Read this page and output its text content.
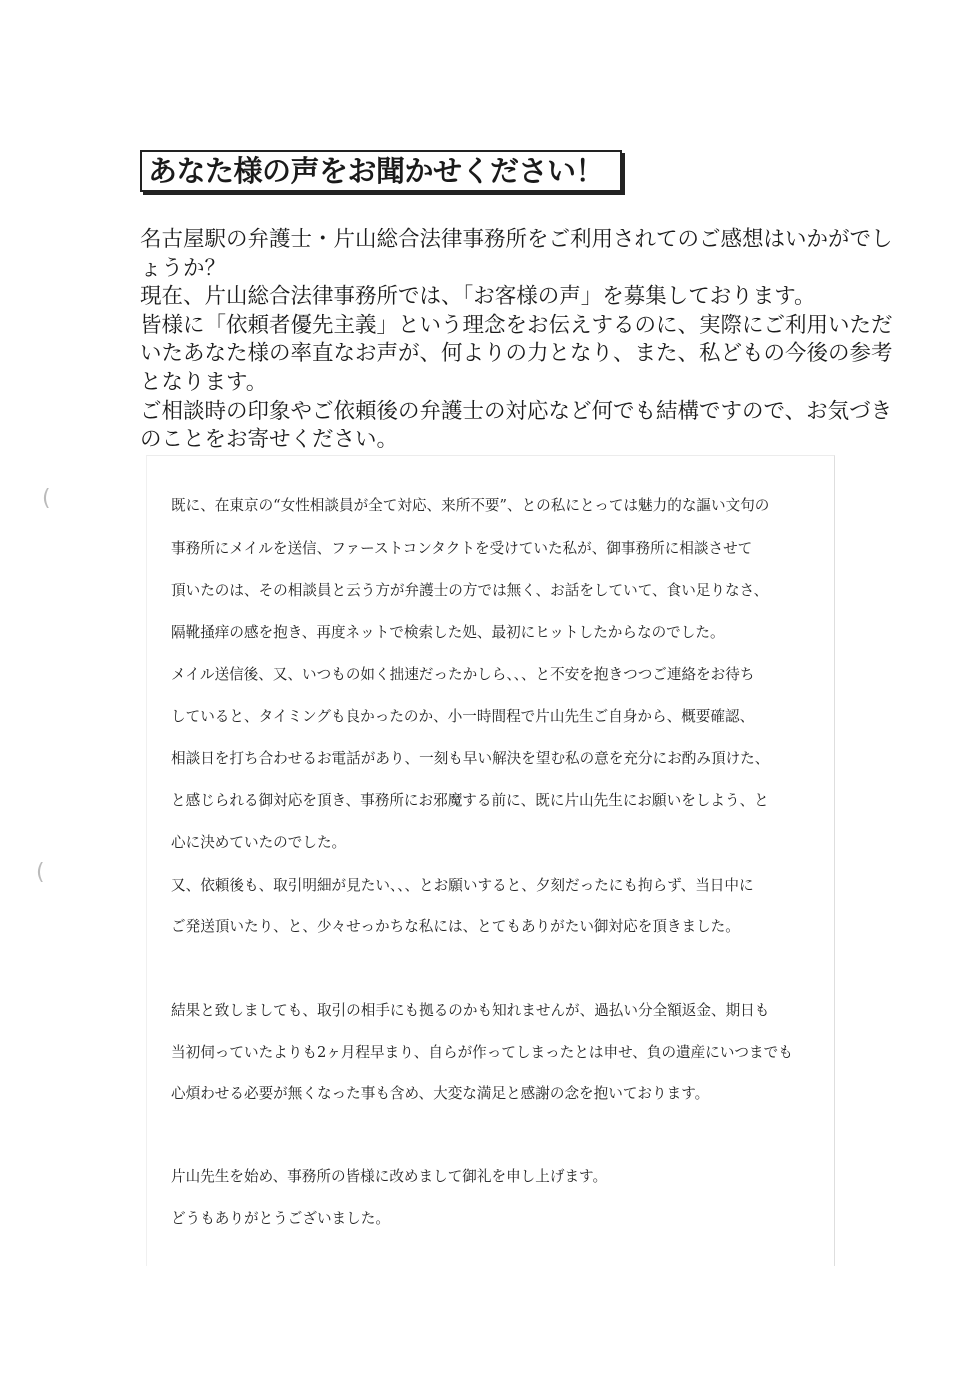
あなた様の声をお聞かせください！
名古屋駅の弁護士・片山総合法律事務所をご利用されてのご感想はいかがでし
ょうか？
現在、片山総合法律事務所では、「お客様の声」を募集しております。
皆様に「依頼者優先主義」という理念をお伝えするのに、実際にご利用いただ
いたあなた様の率直なお声が、何よりの力となり、また、私どもの今後の参考
となります。
ご相談時の印象やご依頼後の弁護士の対応など何でも結構ですので、お気づき
のことをお寄せください。
既に、在東京の“女性相談員が全て対応、来所不要”、との私にとっては魅力的な謳い文句の
事務所にメイルを送信、ファーストコンタクトを受けていた私が、御事務所に相談させて
頂いたのは、その相談員と云う方が弁護士の方では無く、お話をしていて、食い足りなさ、
隔靴掻痒の感を抱き、再度ネットで検索した処、最初にヒットしたからなのでした。
メイル送信後、又、いつもの如く拙速だったかしら、、、と不安を抱きつつご連絡をお待ち
していると、タイミングも良かったのか、小一時間程で片山先生ご自身から、概要確認、
相談日を打ち合わせるお電話があり、一刻も早い解決を望む私の意を充分にお酌み頂けた、
と感じられる御対応を頂き、事務所にお邪魔する前に、既に片山先生にお願いをしよう、と
心に決めていたのでした。
又、依頼後も、取引明細が見たい、、、とお願いすると、夕刻だったにも拘らず、当日中に
ご発送頂いたり、と、少々せっかちな私には、とてもありがたい御対応を頂きました。
結果と致しましても、取引の相手にも拠るのかも知れませんが、過払い分全額返金、期日も
当初伺っていたよりも2ヶ月程早まり、自らが作ってしまったとは申せ、負の遺産にいつまでも
心煩わせる必要が無くなった事も含め、大変な満足と感謝の念を抱いております。
片山先生を始め、事務所の皆様に改めまして御礼を申し上げます。
どうもありがとうございました。
(
(
